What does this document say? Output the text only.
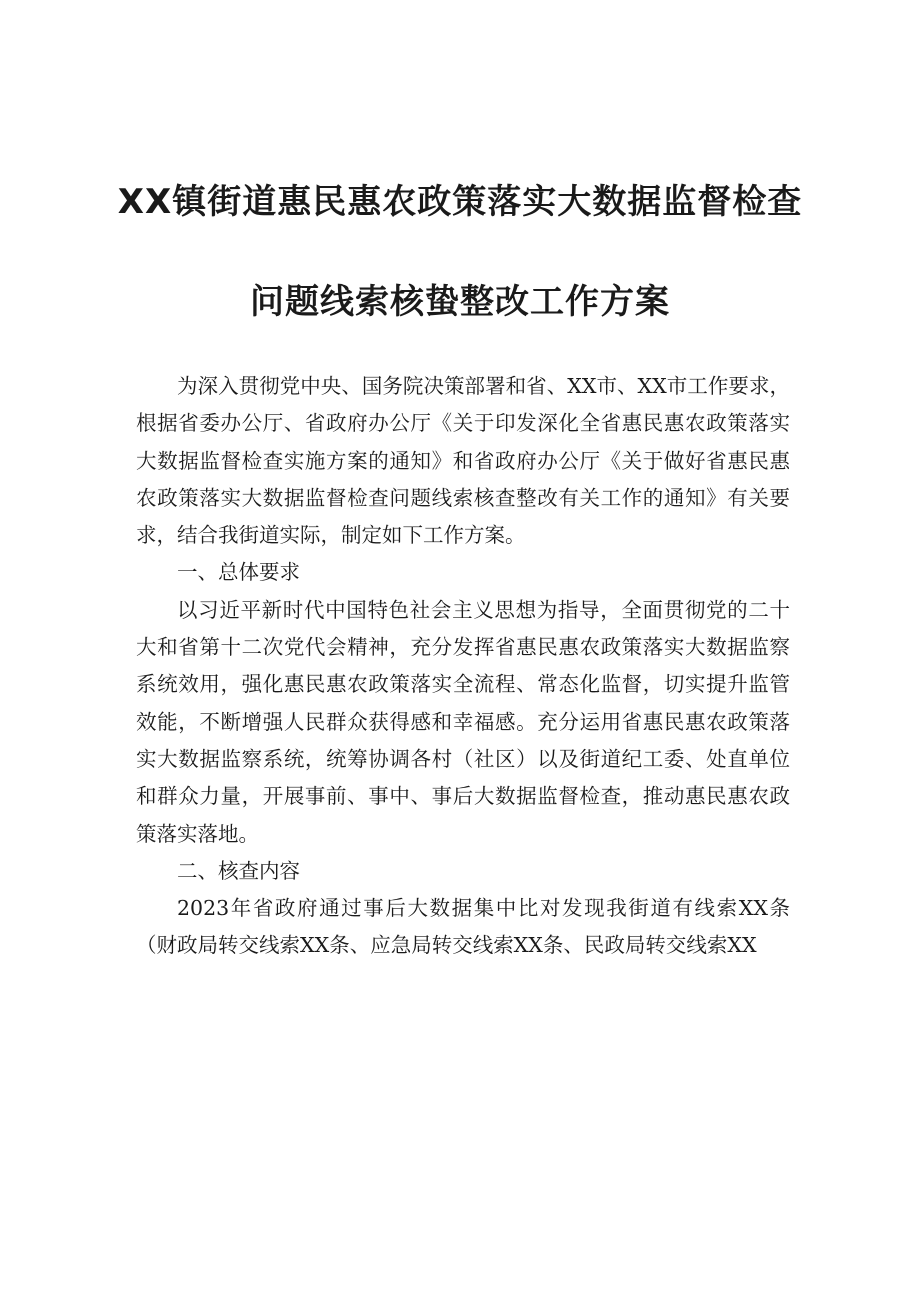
XX镇街道惠民惠农政策落实大数据监督检查
问题线索核蛰整改工作方案

为深入贯彻党中央、国务院决策部署和省、XX市、XX市工作要求，根据省委办公厅、省政府办公厅《关于印发深化全省惠民惠农政策落实大数据监督检查实施方案的通知》和省政府办公厅《关于做好省惠民惠农政策落实大数据监督检查问题线索核查整改有关工作的通知》有关要求，结合我街道实际，制定如下工作方案。

一、总体要求

以习近平新时代中国特色社会主义思想为指导，全面贯彻党的二十大和省第十二次党代会精神，充分发挥省惠民惠农政策落实大数据监察系统效用，强化惠民惠农政策落实全流程、常态化监督，切实提升监管效能，不断增强人民群众获得感和幸福感。充分运用省惠民惠农政策落实大数据监察系统，统筹协调各村（社区）以及街道纪工委、处直单位和群众力量，开展事前、事中、事后大数据监督检查，推动惠民惠农政策落实落地。

二、核查内容

2023年省政府通过事后大数据集中比对发现我街道有线索XX条（财政局转交线索XX条、应急局转交线索XX条、民政局转交线索XX
